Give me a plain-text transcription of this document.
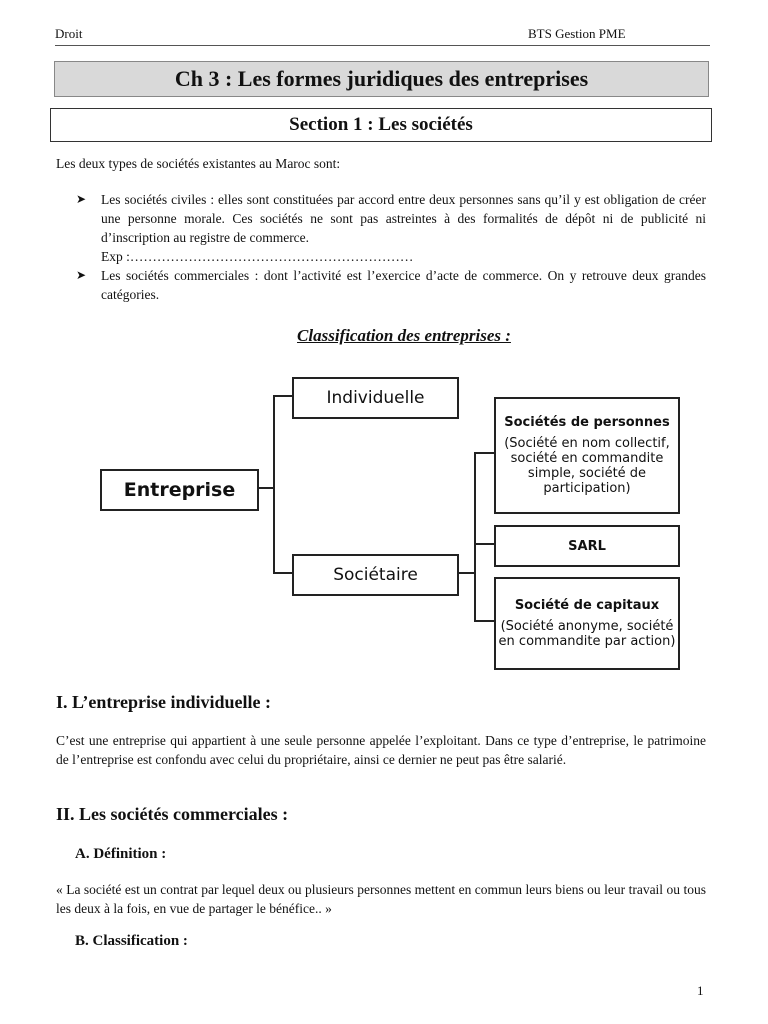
Droit	BTS Gestion PME
Ch 3 : Les formes juridiques des entreprises
Section 1 : Les sociétés
Les deux types de sociétés existantes au Maroc sont:
➤ Les sociétés civiles : elles sont constituées par accord entre deux personnes sans qu’il y est obligation de créer une personne morale. Ces sociétés ne sont pas astreintes à des formalités de dépôt ni de publicité ni d’inscription au registre de commerce.
Exp :………………………………………………………
➤ Les sociétés commerciales : dont l’activité est l’exercice d’acte de commerce. On y retrouve deux grandes catégories.
Classification des entreprises :
Entreprise
Individuelle
Sociétaire
Sociétés de personnes
(Société en nom collectif, société en commandite simple, société de participation)
SARL
Société de capitaux
(Société anonyme, société en commandite par action)
I. L’entreprise individuelle :
C’est une entreprise qui appartient à une seule personne appelée l’exploitant. Dans ce type d’entreprise, le patrimoine de l’entreprise est confondu avec celui du propriétaire, ainsi ce dernier ne peut pas être salarié.
II. Les sociétés commerciales :
A. Définition :
« La société est un contrat par lequel deux ou plusieurs personnes mettent en commun leurs biens ou leur travail ou tous les deux à la fois, en vue de partager le bénéfice.. »
B. Classification :
1
